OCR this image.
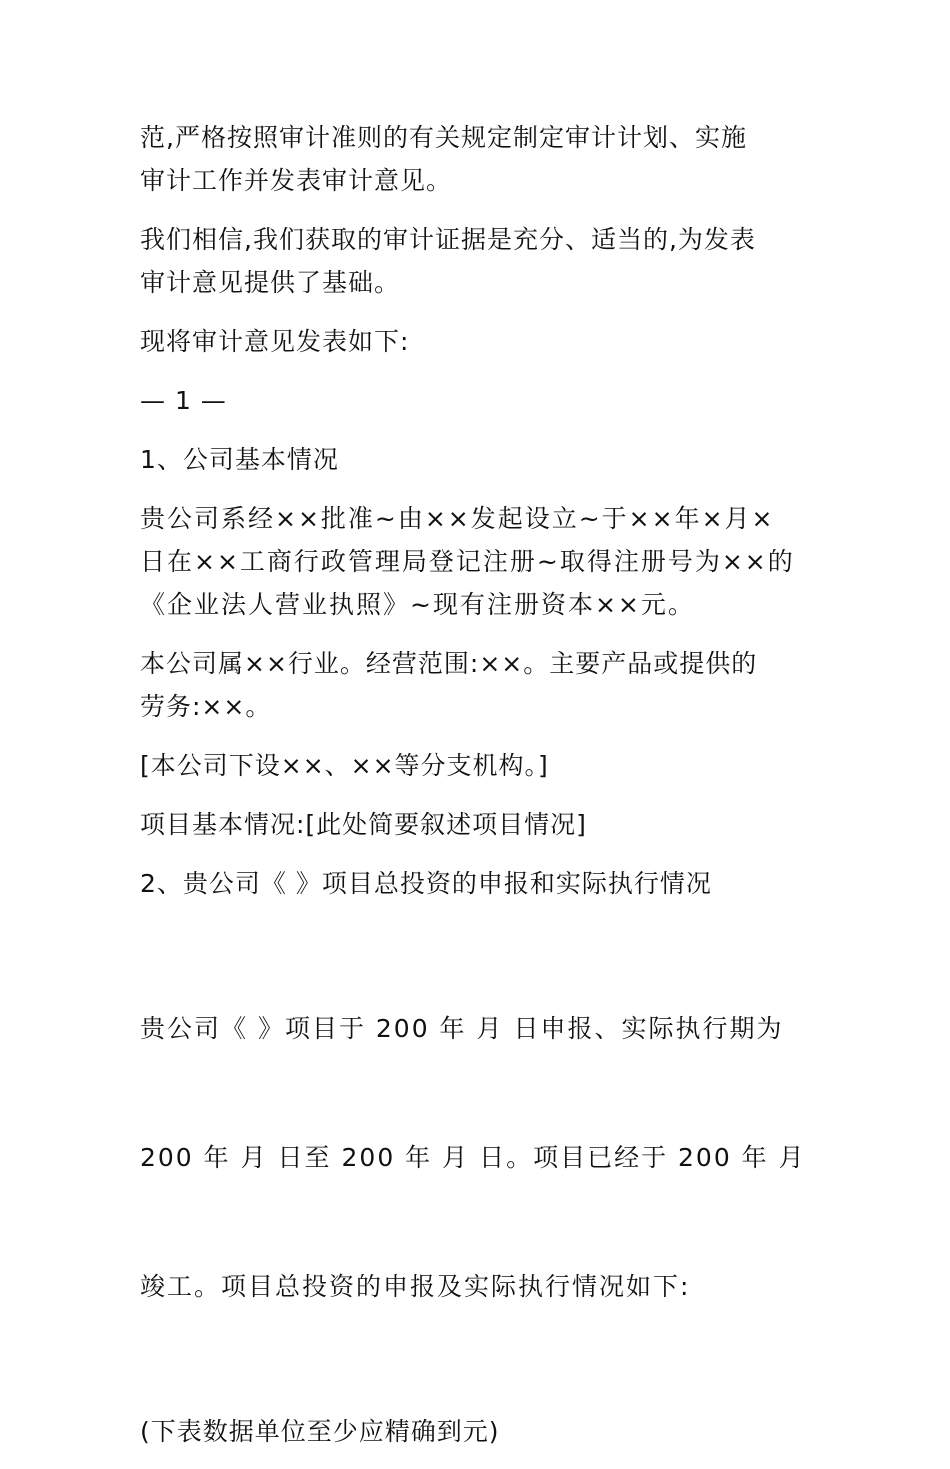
范,严格按照审计准则的有关规定制定审计计划、实施
审计工作并发表审计意见。

我们相信,我们获取的审计证据是充分、适当的,为发表
审计意见提供了基础。

现将审计意见发表如下:

— 1 —

1、公司基本情况

贵公司系经××批准~由××发起设立~于××年×月×
日在××工商行政管理局登记注册~取得注册号为××的
《企业法人营业执照》~现有注册资本××元。

本公司属××行业。经营范围:××。主要产品或提供的
劳务:××。

[本公司下设××、××等分支机构。]

项目基本情况:[此处简要叙述项目情况]

2、贵公司《 》项目总投资的申报和实际执行情况

贵公司《 》项目于 200 年 月 日申报、实际执行期为

200 年 月 日至 200 年 月 日。项目已经于 200 年 月

竣工。项目总投资的申报及实际执行情况如下:

(下表数据单位至少应精确到元)
